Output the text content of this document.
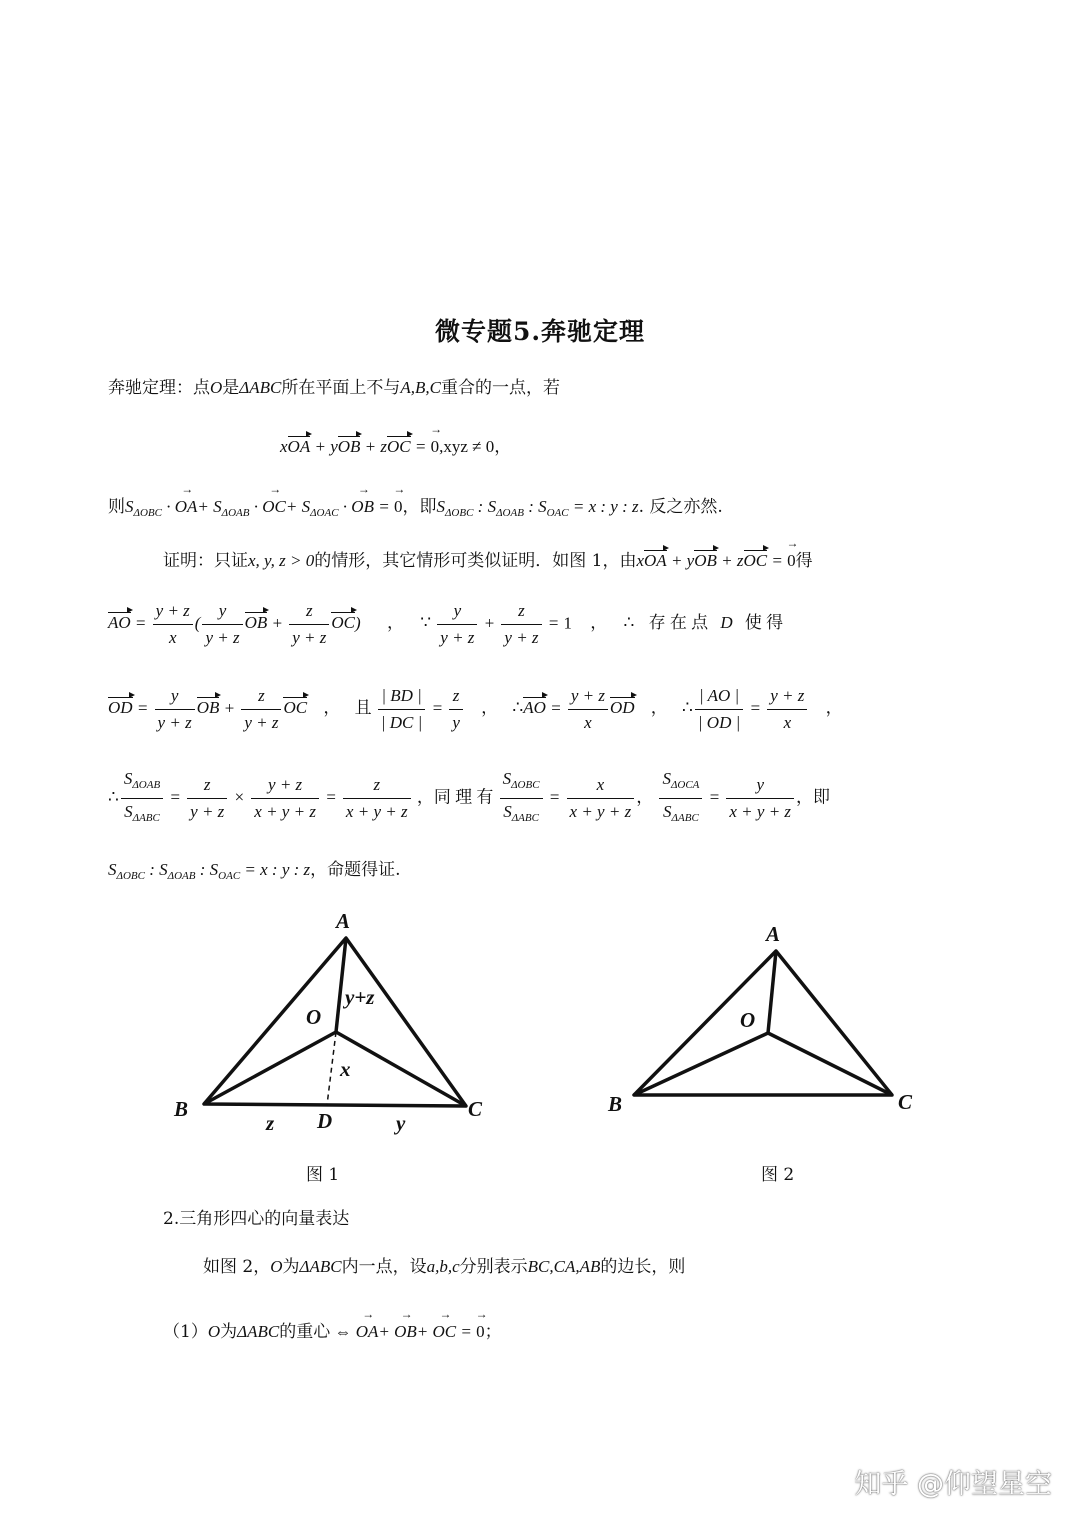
微专题5.奔驰定理
奔驰定理：点O是ΔABC所在平面上不与A,B,C重合的一点，若
xOA + yOB + zOC = → 0,xyz ≠ 0，
则$S_{\Delta OBC}$ · → $OA+ S_{\Delta OAB}$ · → $OC+ S_{\Delta OAC}$ · → OB = → 0，即$S_{\Delta OBC}$ : $S_{\Delta OAB}$ : $S_{OAC} = x$ : y : z. 反之亦然.
证明：只证x, y, z > 0的情形，其它情形可类似证明．如图 1，由xOA + yOB + zOC = → 0得
AO = $\frac{y + z}{x}$ ( $\frac{y}{y + z}$ OB + $\frac{z}{y + z} OC$) ， ∵ $\frac{y}{y + z} + \frac{z}{y + z} = 1$ ， ∴ 存 在 点 D 使 得
OD = $\frac{y}{y + z}$ OB + $\frac{z}{y + z}$ OC ， 且 $\frac{| BD |}{| DC |} = \frac{z}{y}$ ， ∴AO = $\frac{y + z}{x}$ OD ， ∴ $\frac{| AO |}{| OD |} = \frac{y + z}{x}$ ，
∴ $\frac{S_{\Delta OAB}}{S_{\Delta ABC}} = \frac{z}{y + z} \times \frac{y + z}{x + y + z} = \frac{z}{x + y + z}$ ，同 理 有 $\frac{S_{\Delta OBC}}{S_{\Delta ABC}} = \frac{x}{x + y + z}$ ， $\frac{S_{\Delta OCA}}{S_{\Delta ABC}} = \frac{y}{x + y + z}$ ，即
$S_{\Delta OBC}$ : $S_{\Delta OAB}$ : $S_{OAC} = x$ : y : z，命题得证.
A
B	C
O
D
y+z
x
z	y
图 1
A
B	C
O
图 2
2.三角形四心的向量表达
如图 2，O为ΔABC内一点，设a,b,c分别表示BC,CA,AB的边长，则
（1）O为ΔABC的重心 ⇔ → OA+ → OB+ → OC = → 0；
知乎 @仰望星空
